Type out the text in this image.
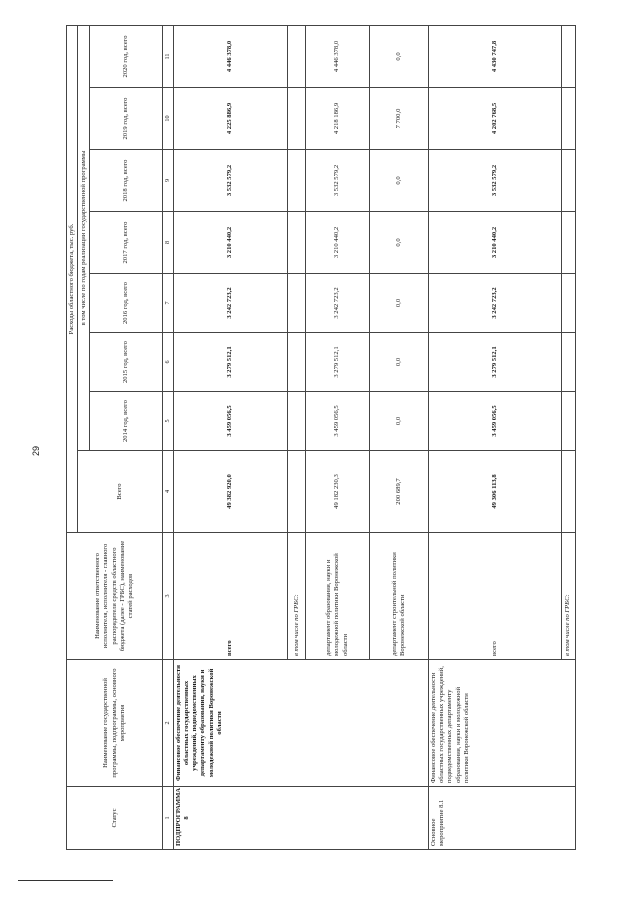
29
Статус	Наименование государственной программы, подпрограммы, основного мероприятия	Наименование ответственного исполнителя, исполнителя - главного распорядителя средств областного бюджета (далее - ГРБС), наименование статей расходов	Расходы областного бюджета, тыс. руб.							
			Всего	в том числе по годам реализации государственной программы						
				2014 год, всего	2015 год, всего	2016 год, всего	2017 год, всего	2018 год, всего	2019 год, всего	2020 год, всего
1	2	3	4	5	6	7	8	9	10	11
ПОДПРОГРАММА 8	Финансовое обеспечение деятельности областных государственных учреждений, подведомственных департаменту образования, науки и молодежной политики Воронежской области	всего	49 382 920,0	3 459 056,5	3 279 512,1	3 242 723,2	3 210 440,2	3 532 579,2	4 225 886,9	4 446 378,0
		в том числе по ГРБС:								
		департамент образования, науки и молодежной политики Воронежской области	49 182 230,3	3 459 056,5	3 279 512,1	3 242 723,2	3 210 440,2	3 532 579,2	4 218 186,9	4 446 378,0
		департамент строительной политики Воронежской области	200 689,7	0,0	0,0	0,0	0,0	0,0	7 700,0	0,0
Основное мероприятие 8.1	Финансовое обеспечение деятельности областных государственных учреждений, подведомственных департаменту образования, науки и молодежной политики Воронежской области	всего	49 306 113,8	3 459 056,5	3 279 512,1	3 242 723,2	3 210 440,2	3 532 579,2	4 202 768,5	4 430 747,8
		в том числе по ГРБС:								
